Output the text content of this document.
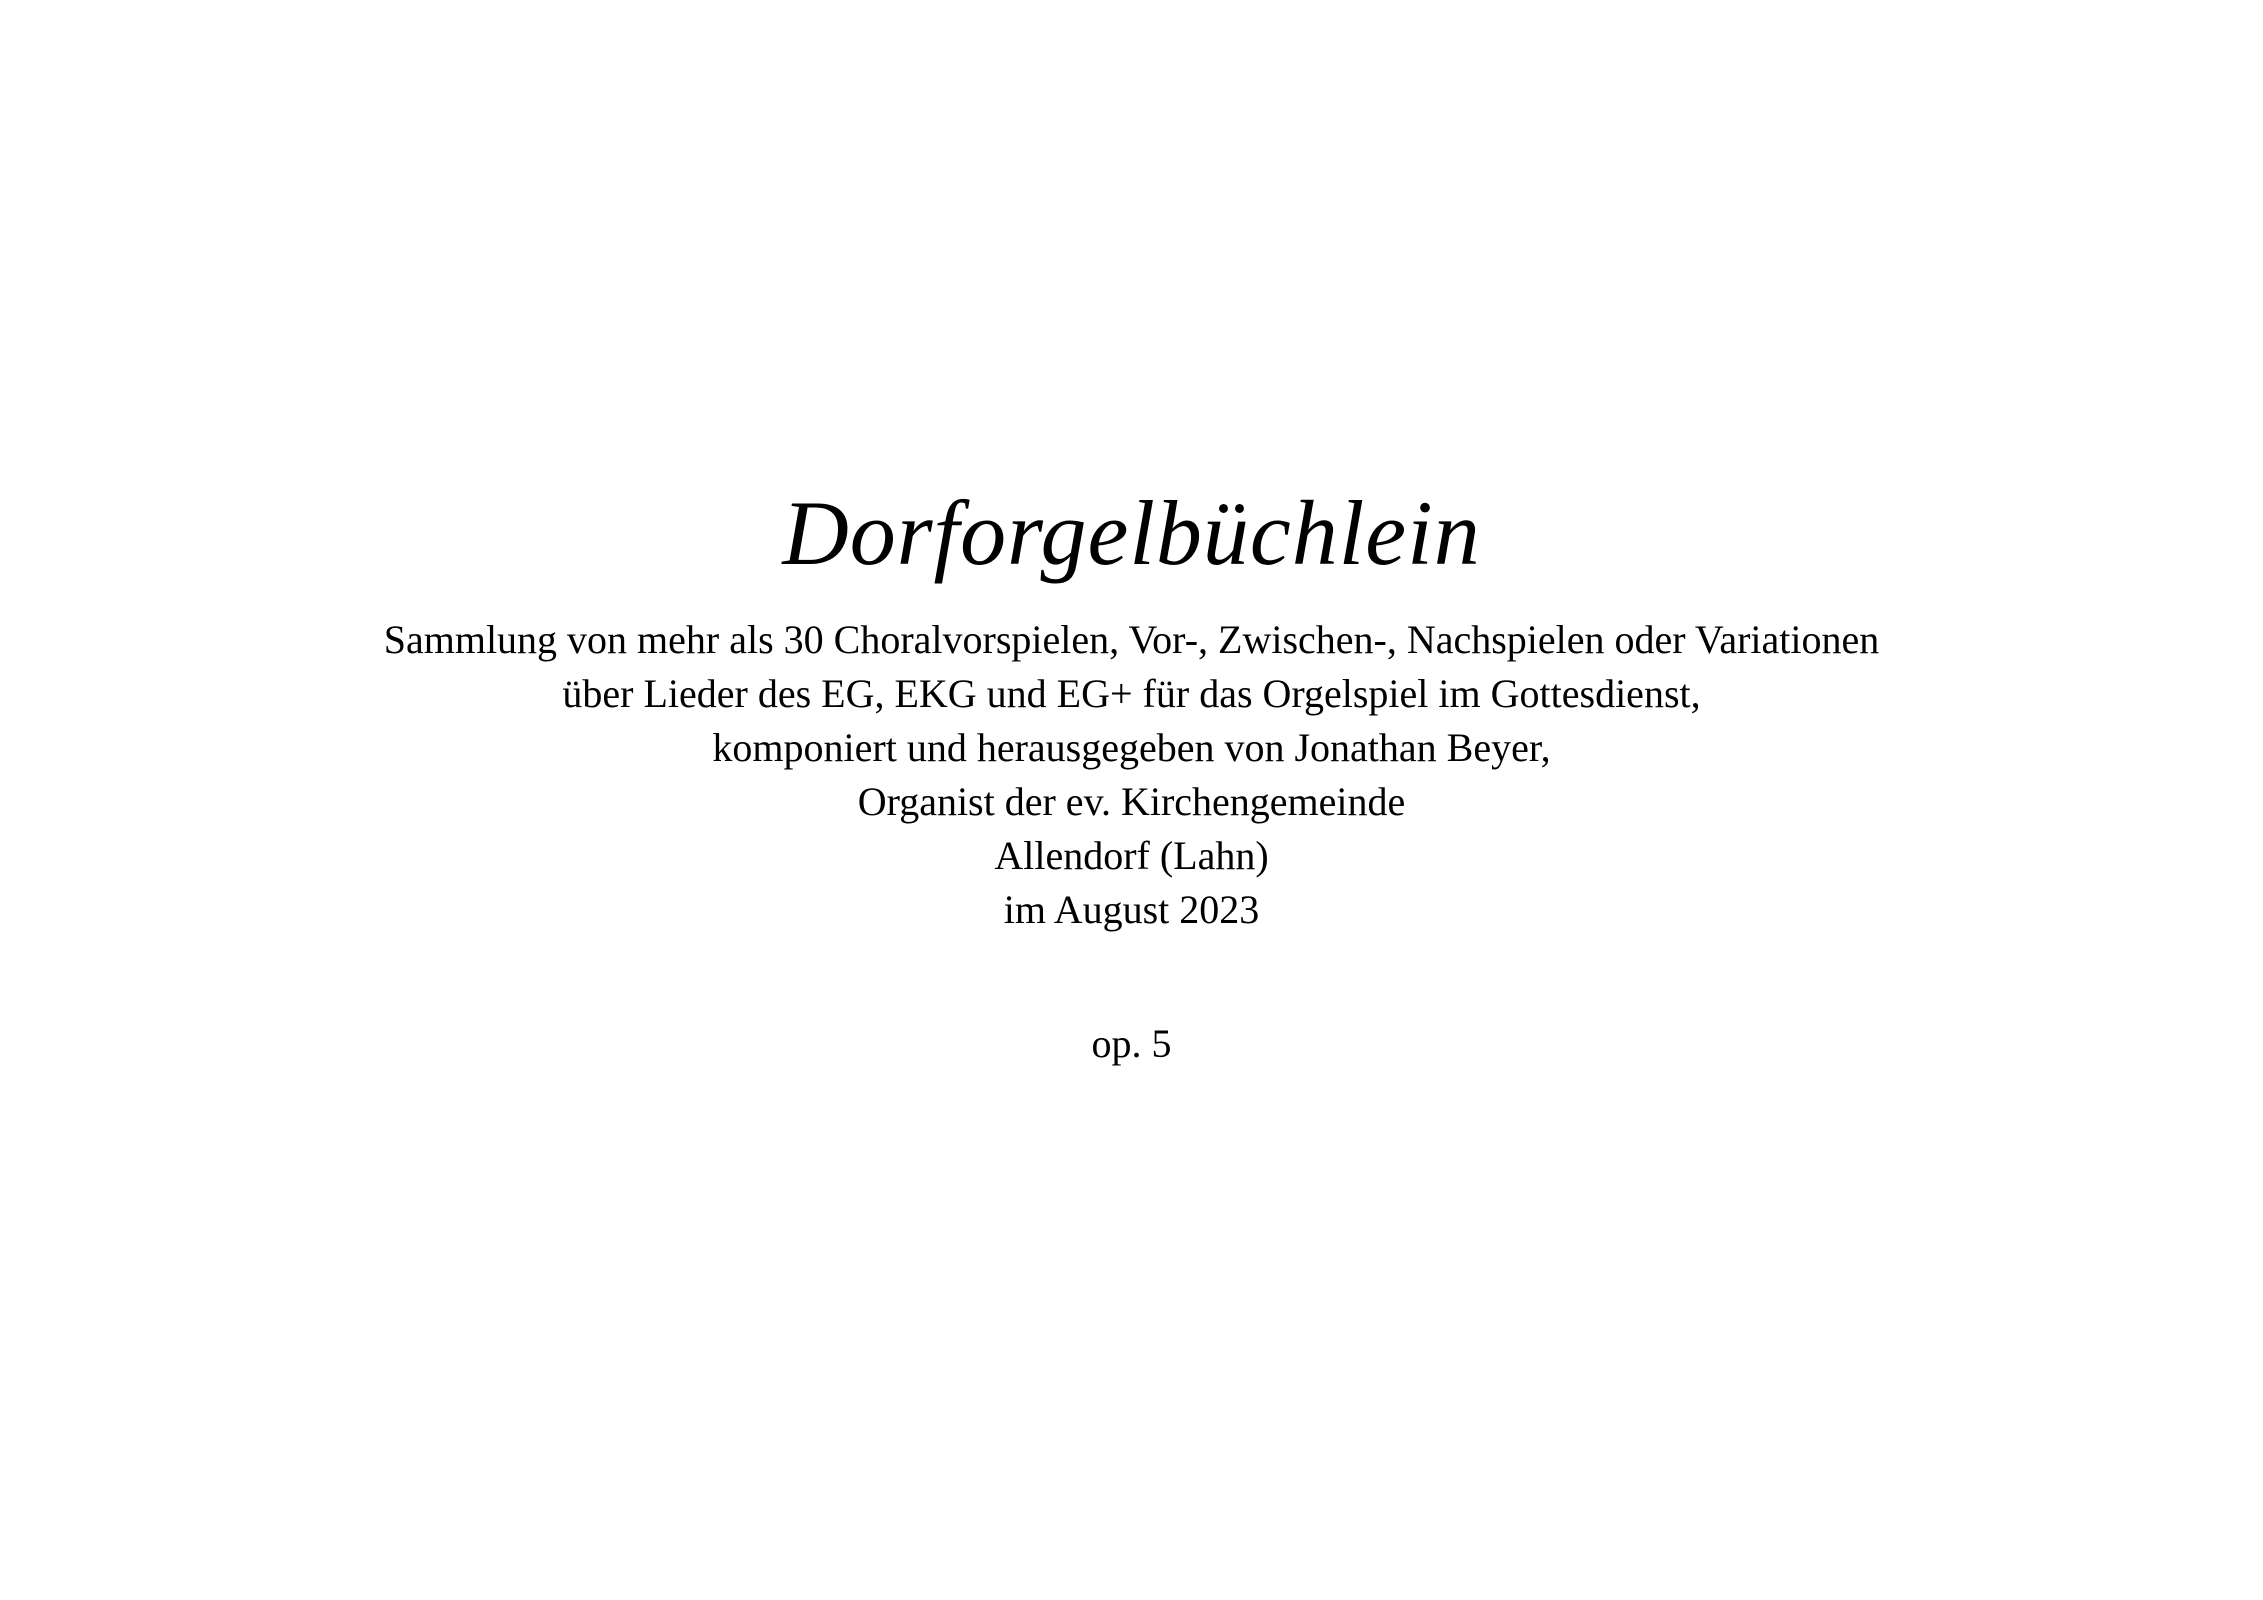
Dorforgelbüchlein
Sammlung von mehr als 30 Choralvorspielen, Vor-, Zwischen-, Nachspielen oder Variationen
über Lieder des EG, EKG und EG+ für das Orgelspiel im Gottesdienst,
komponiert und herausgegeben von Jonathan Beyer,
Organist der ev. Kirchengemeinde
Allendorf (Lahn)
im August 2023
op. 5
